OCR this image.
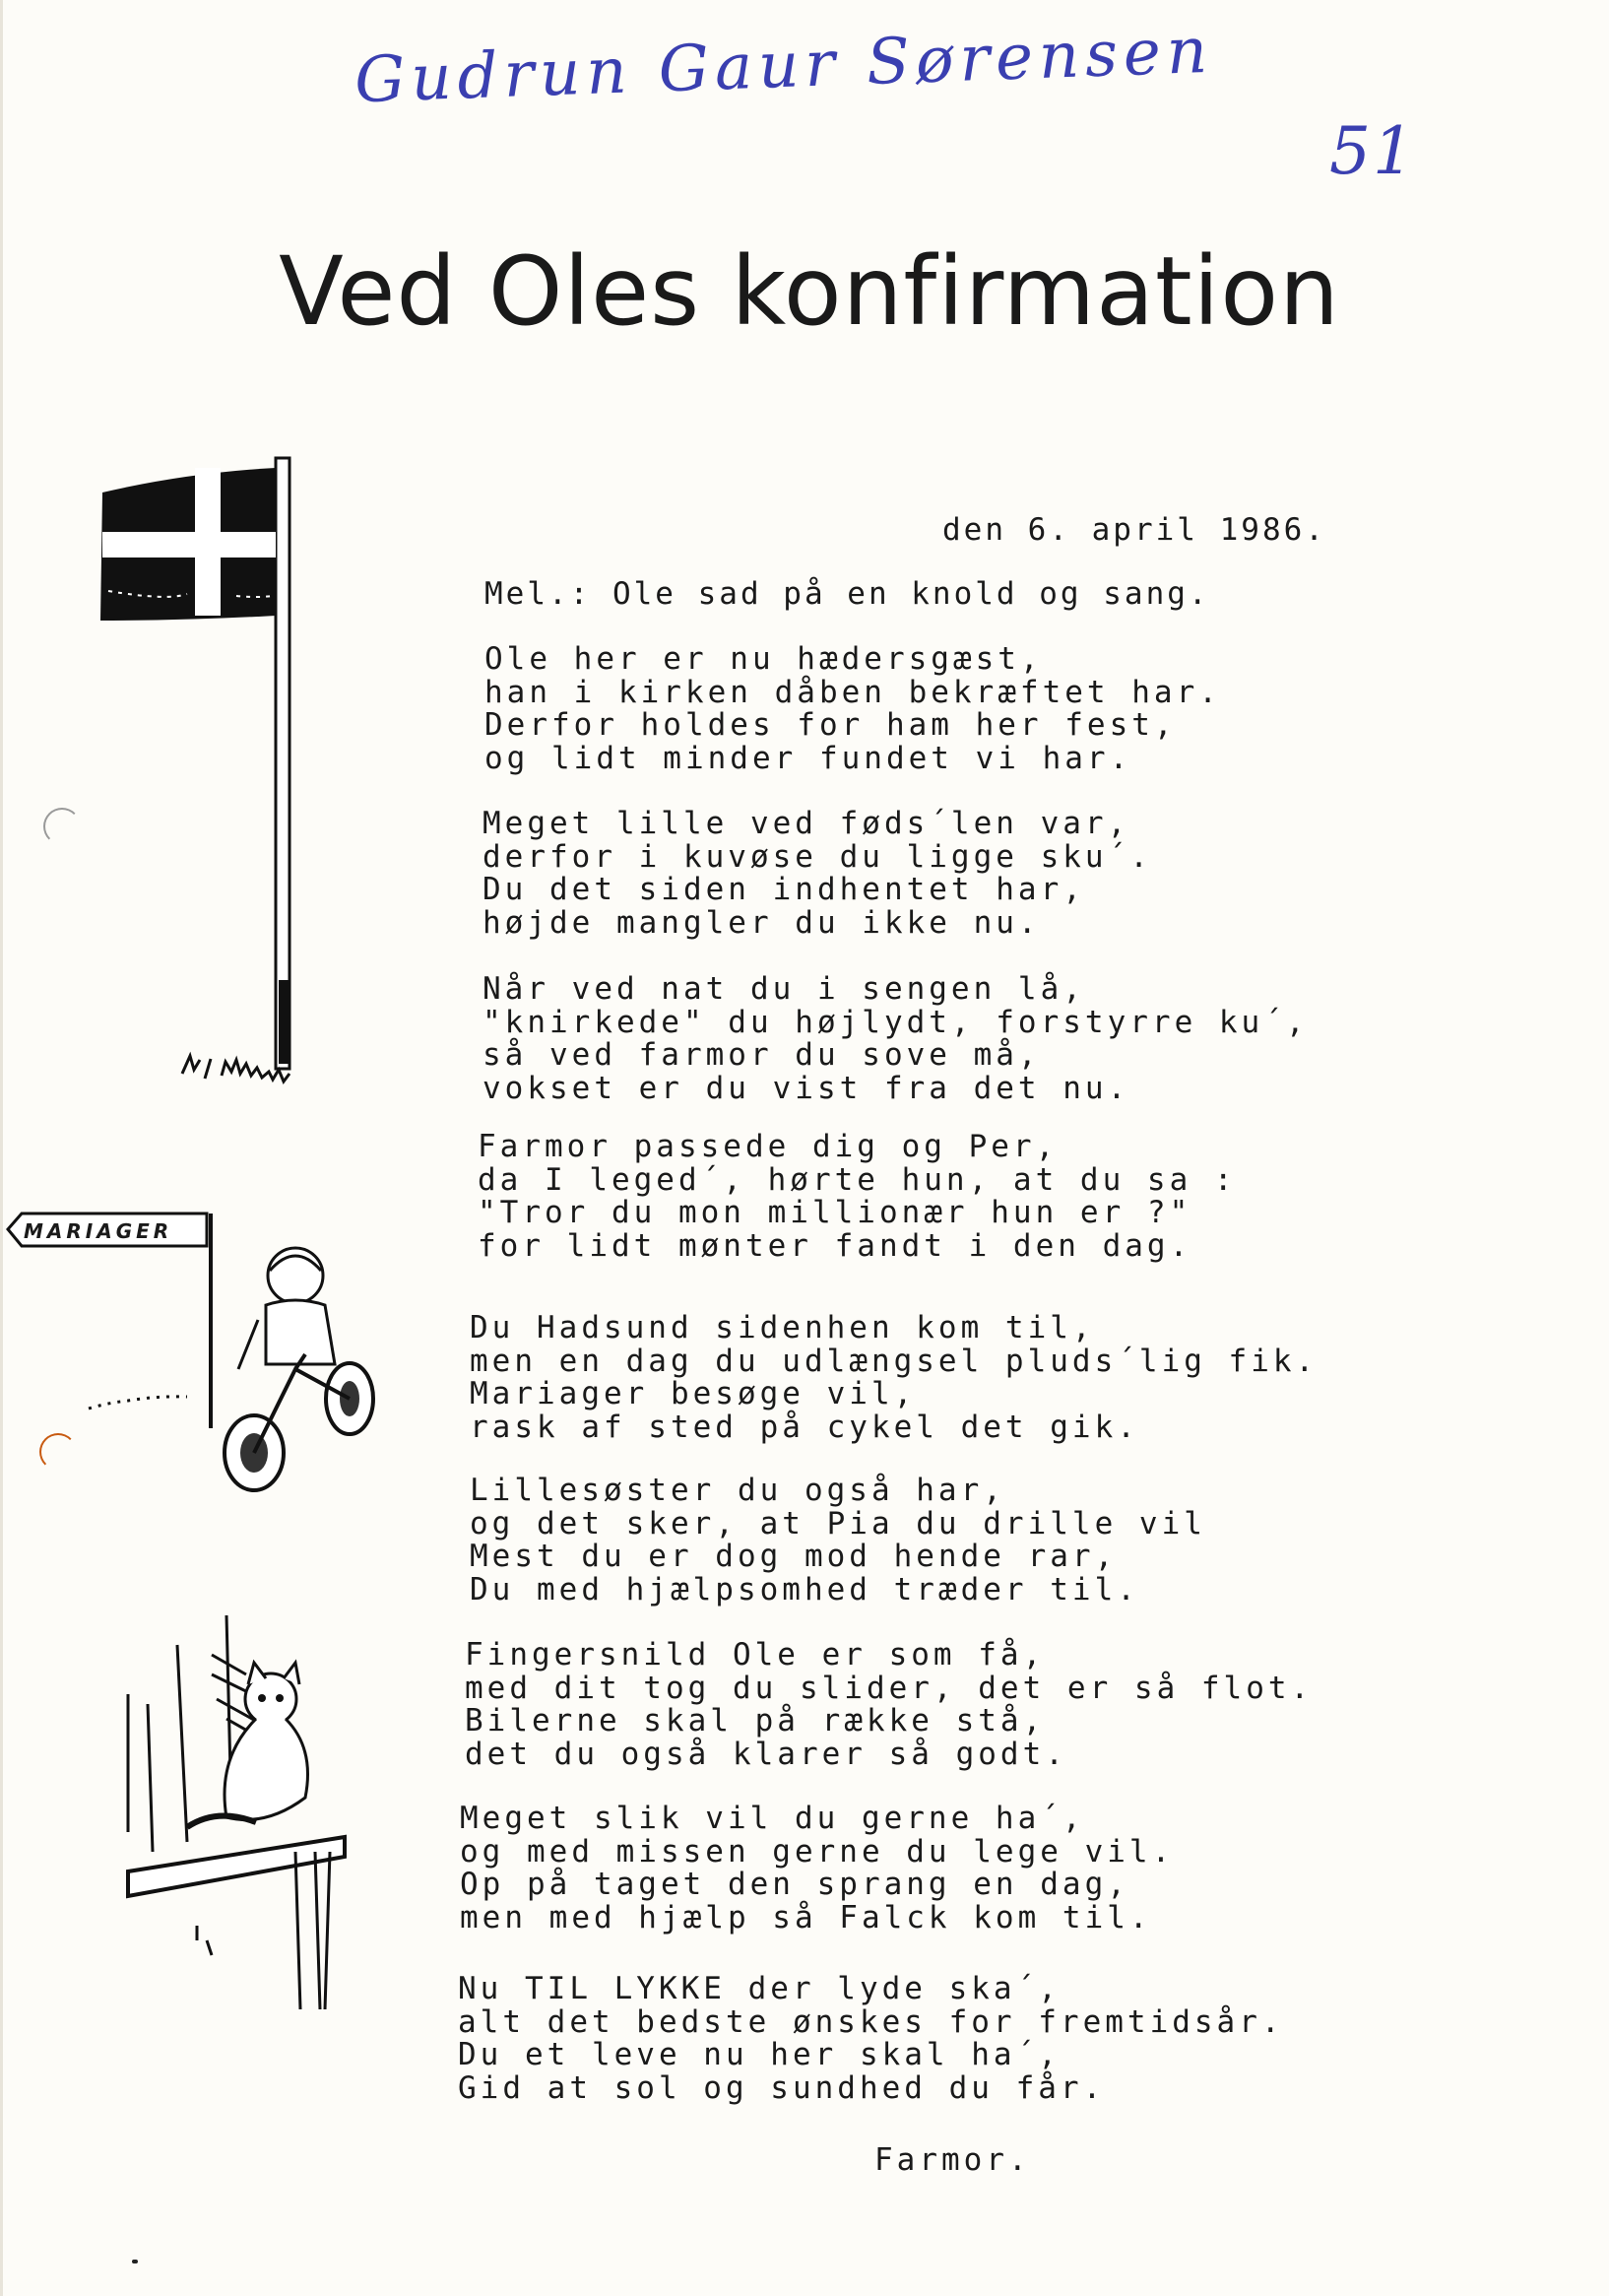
Gudrun Gaur Sørensen
51
Ved Oles konfirmation
MARIAGER
den 6. april 1986.
Mel.: Ole sad på en knold og sang.
Ole her er nu hædersgæst,
han i kirken dåben bekræftet har.
Derfor holdes for ham her fest,
og lidt minder fundet vi har.
Meget lille ved føds´len var,
derfor i kuvøse du ligge sku´.
Du det siden indhentet har,
højde mangler du ikke nu.
Når ved nat du i sengen lå,
"knirkede" du højlydt, forstyrre ku´,
så ved farmor du sove må,
vokset er du vist fra det nu.
Farmor passede dig og Per,
da I leged´, hørte hun, at du sa :
"Tror du mon millionær hun er ?"
for lidt mønter fandt i den dag.
Du Hadsund sidenhen kom til,
men en dag du udlængsel pluds´lig fik.
Mariager besøge vil,
rask af sted på cykel det gik.
Lillesøster du også har,
og det sker, at Pia du drille vil
Mest du er dog mod hende rar,
Du med hjælpsomhed træder til.
Fingersnild Ole er som få,
med dit tog du slider, det er så flot.
Bilerne skal på række stå,
det du også klarer så godt.
Meget slik vil du gerne ha´,
og med missen gerne du lege vil.
Op på taget den sprang en dag,
men med hjælp så Falck kom til.
Nu TIL LYKKE der lyde ska´,
alt det bedste ønskes for fremtidsår.
Du et leve nu her skal ha´,
Gid at sol og sundhed du får.
Farmor.
